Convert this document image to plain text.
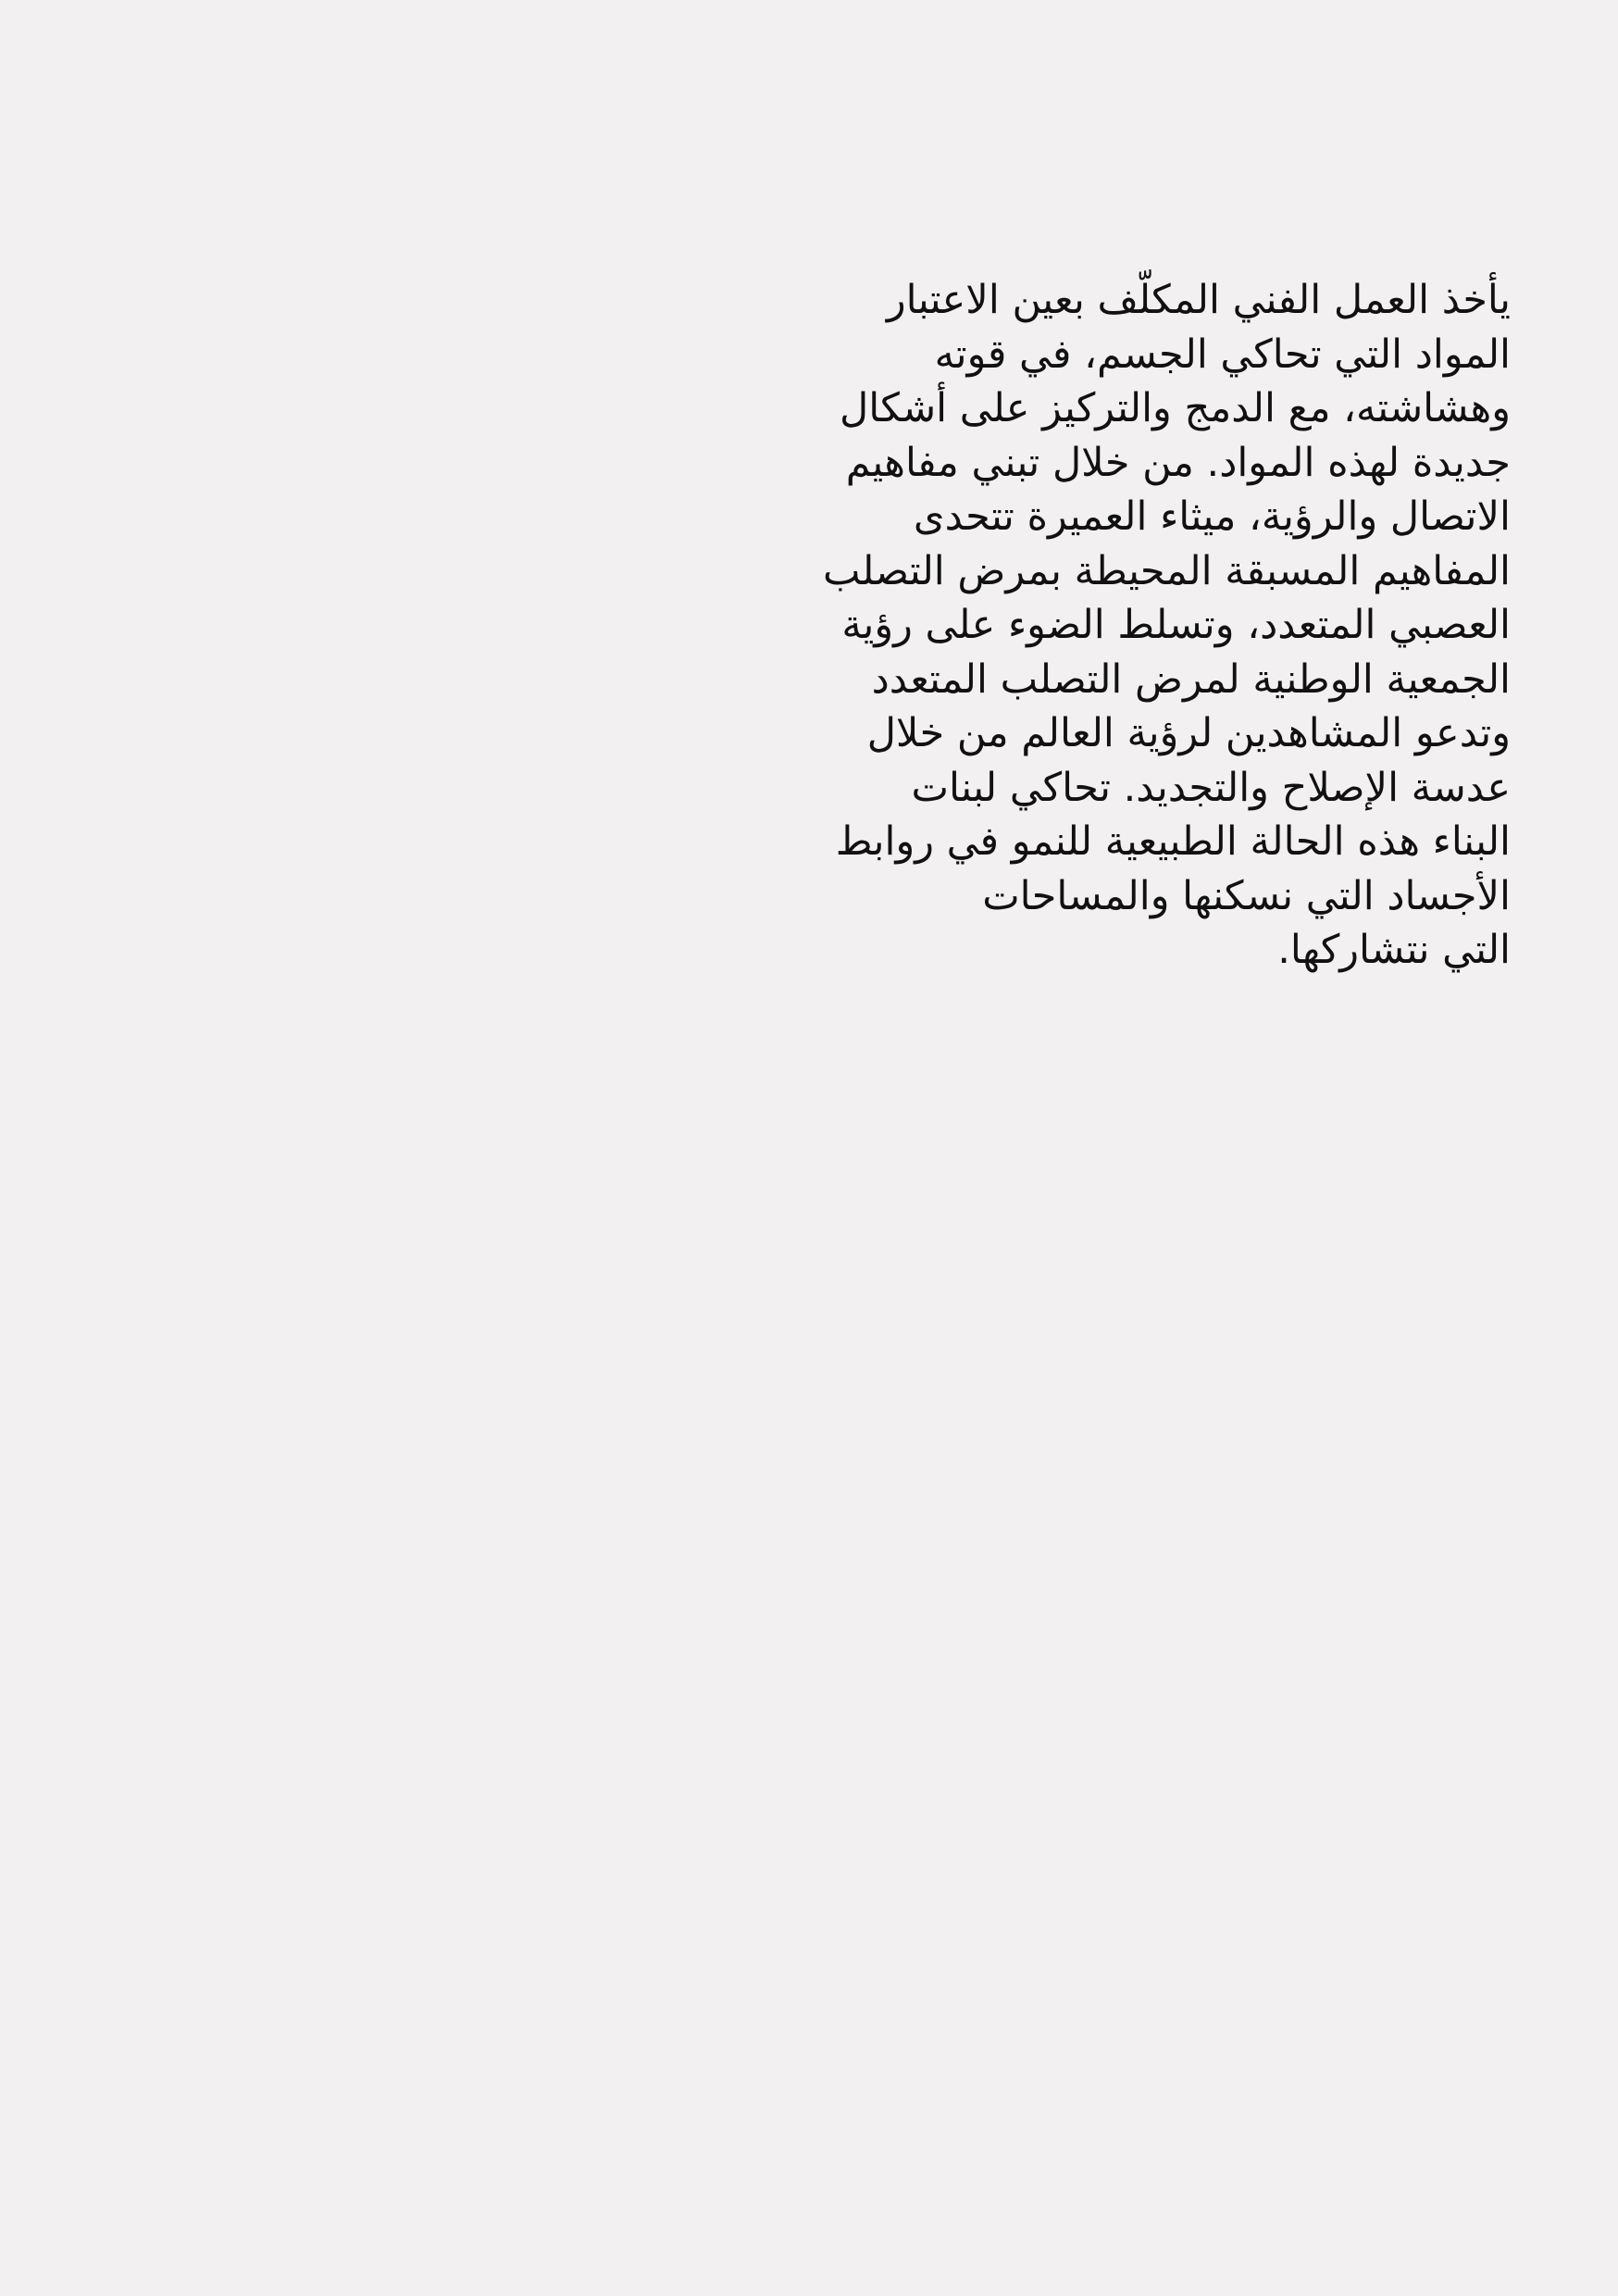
يأخذ العمل الفني المكلّف بعين الاعتبار
المواد التي تحاكي الجسم، في قوته
وهشاشته، مع الدمج والتركيز على أشكال
جديدة لهذه المواد. من خلال تبني مفاهيم
الاتصال والرؤية، ميثاء العميرة تتحدى
المفاهيم المسبقة المحيطة بمرض التصلب
العصبي المتعدد، وتسلط الضوء على رؤية
الجمعية الوطنية لمرض التصلب المتعدد
وتدعو المشاهدين لرؤية العالم من خلال
عدسة الإصلاح والتجديد. تحاكي لبنات
البناء هذه الحالة الطبيعية للنمو في روابط
الأجساد التي نسكنها والمساحات
التي نتشاركها.
